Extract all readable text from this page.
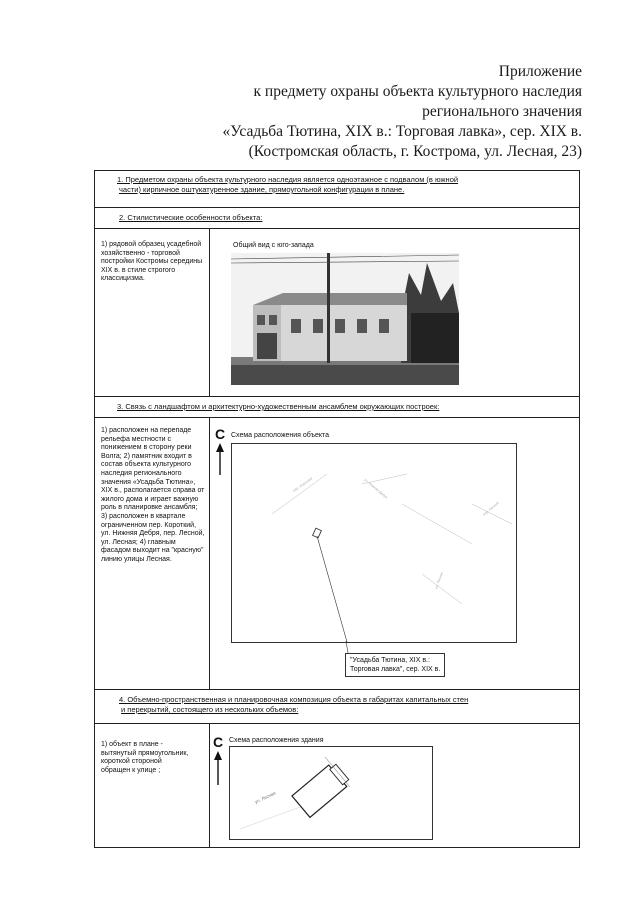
Приложение
к предмету охраны объекта культурного наследия
регионального значения
«Усадьба Тютина, XIX в.: Торговая лавка», сер. XIX в.
(Костромская область, г. Кострома, ул. Лесная, 23)
1. Предметом охраны объекта культурного наследия является одноэтажное с подвалом (в южной
части) кирпичное оштукатуренное здание, прямоугольной конфигурации в плане.
2. Стилистические особенности объекта:
1) рядовой образец усадебной хозяйственно - торговой постройки Костромы середины XIX в. в стиле строгого классицизма.
Общий вид с юго-запада
3. Связь с ландшафтом и архитектурно-художественным ансамблем окружающих построек:
1) расположен на перепаде рельефа местности с понижением в сторону реки Волга; 2) памятник входит в состав объекта культурного наследия регионального значения «Усадьба Тютина», XIX в., располагается справа от жилого дома и играет важную роль в планировке ансамбля; 3) расположен в квартале ограниченном пер. Короткий, ул. Нижняя Дебря, пер. Лесной, ул. Лесная; 4) главным фасадом выходит на "красную" линию улицы Лесная.
С Схема расположения объекта
пер. Короткий	ул. Нижняя Дебря
пер. Лесной
ул. Лесная
"Усадьба Тютина, XIX в.:
Торговая лавка", сер. XIX в.
4. Объемно-пространственная и планировочная композиция объекта в габаритах капитальных стен
и перекрытий, состоящего из нескольких объемов:
1) объект в плане - вытянутый прямоугольник, короткой стороной обращен к улице ;
С Схема расположения здания
ул. Лесная
